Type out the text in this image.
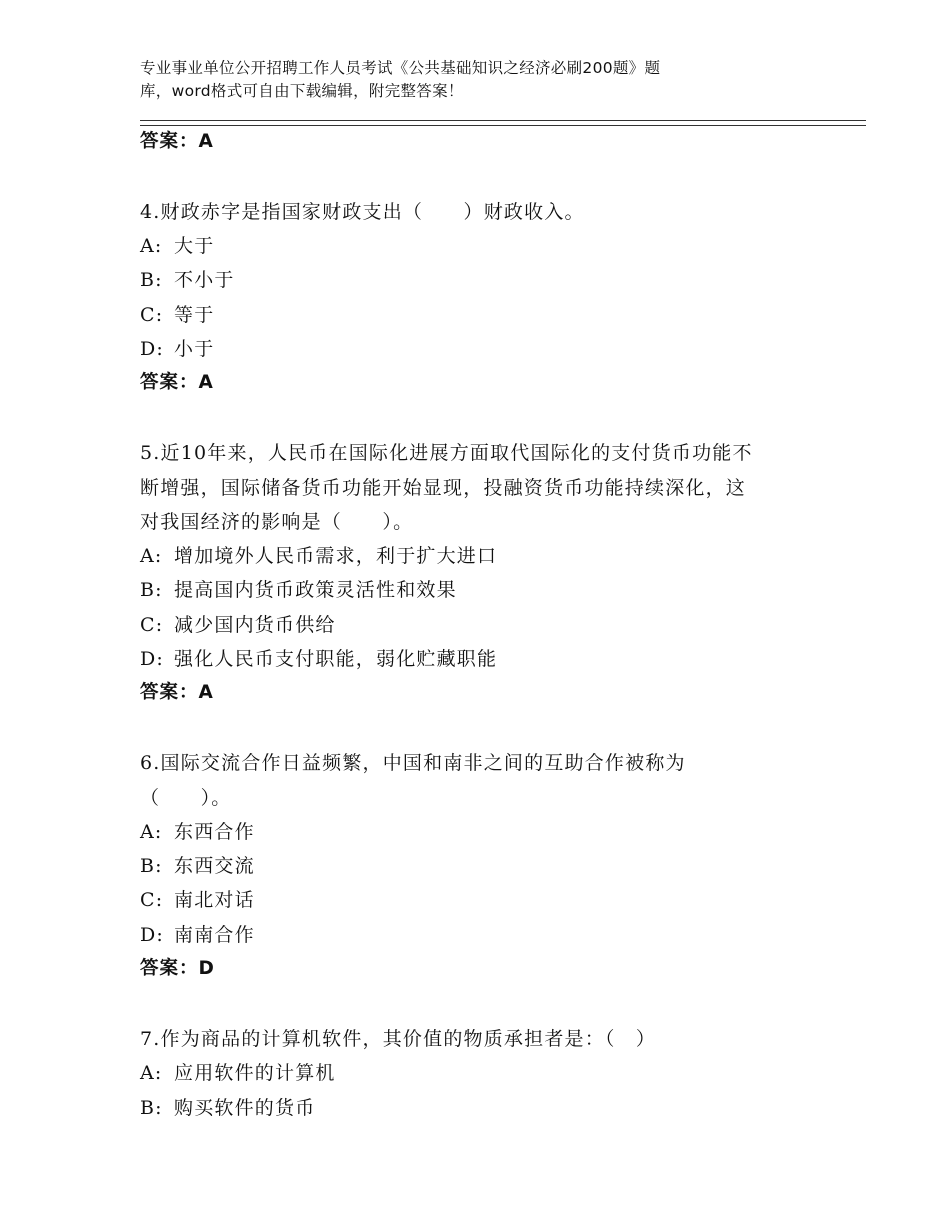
专业事业单位公开招聘工作人员考试《公共基础知识之经济必刷200题》题
库，word格式可自由下载编辑，附完整答案！
答案：A
4.财政赤字是指国家财政支出（　　）财政收入。
A: 大于
B: 不小于
C: 等于
D: 小于
答案：A
5.近10年来，人民币在国际化进展方面取代国际化的支付货币功能不
断增强，国际储备货币功能开始显现，投融资货币功能持续深化，这
对我国经济的影响是（　　）。
A: 增加境外人民币需求，利于扩大进口
B: 提高国内货币政策灵活性和效果
C: 减少国内货币供给
D: 强化人民币支付职能，弱化贮藏职能
答案：A
6.国际交流合作日益频繁，中国和南非之间的互助合作被称为
（　　）。
A: 东西合作
B: 东西交流
C: 南北对话
D: 南南合作
答案：D
7.作为商品的计算机软件，其价值的物质承担者是：（　）
A: 应用软件的计算机
B: 购买软件的货币
